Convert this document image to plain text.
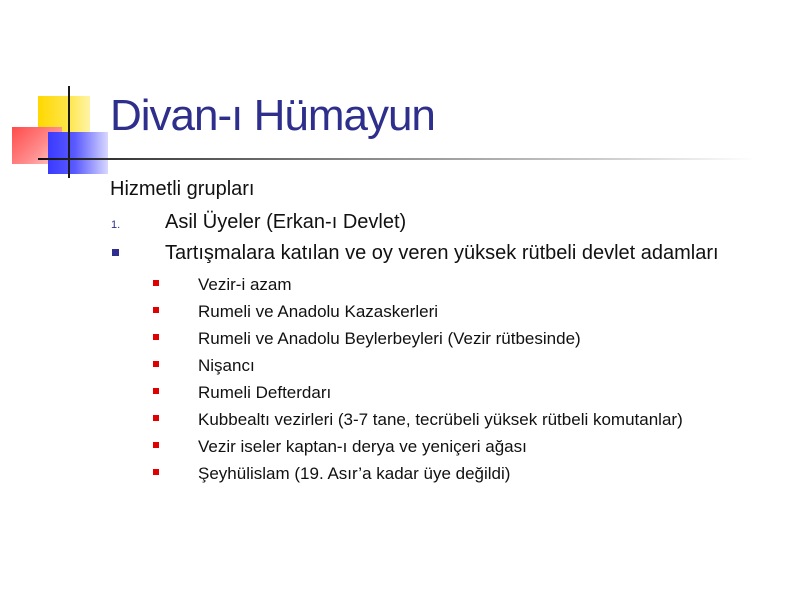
Divan-ı Hümayun
Hizmetli grupları
1. Asil Üyeler (Erkan-ı Devlet)
Tartışmalara katılan ve oy veren yüksek rütbeli devlet adamları
Vezir-i azam
Rumeli ve Anadolu Kazaskerleri
Rumeli ve Anadolu Beylerbeyleri (Vezir rütbesinde)
Nişancı
Rumeli Defterdarı
Kubbealtı vezirleri (3-7 tane, tecrübeli yüksek rütbeli komutanlar)
Vezir iseler kaptan-ı derya ve yeniçeri ağası
Şeyhülislam (19. Asır’a kadar üye değildi)
